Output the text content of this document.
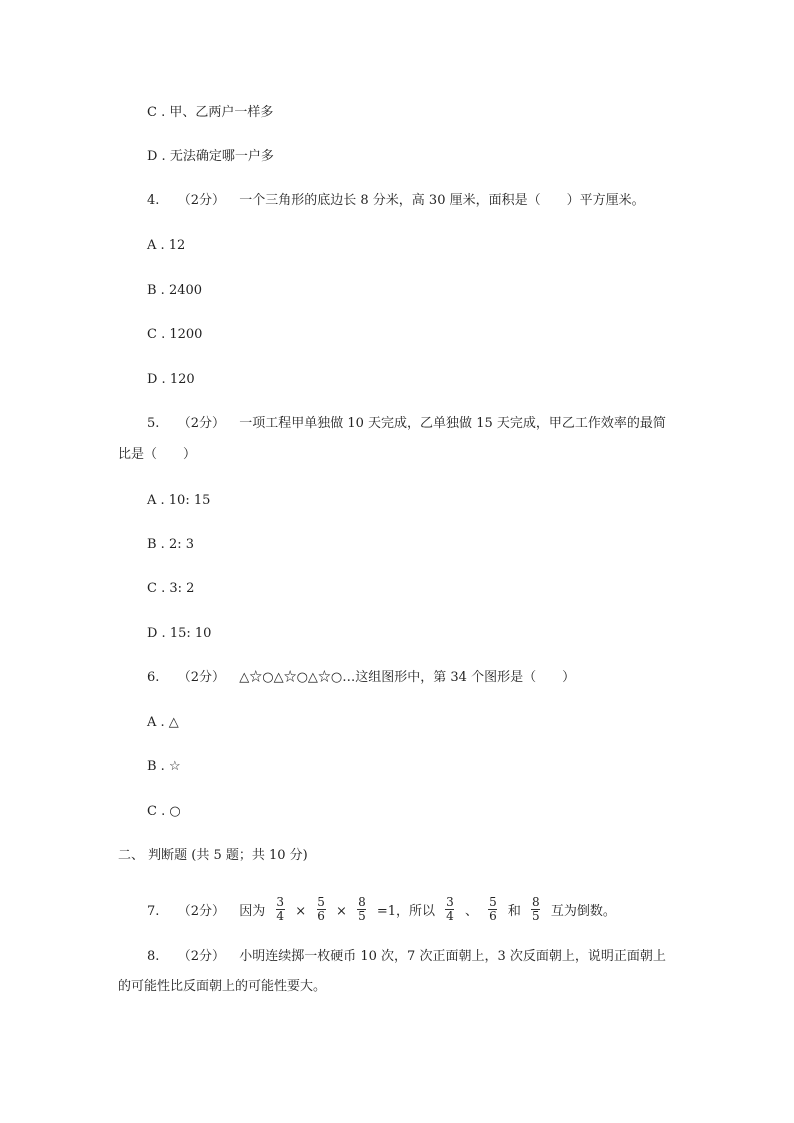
C . 甲、乙两户一样多
D . 无法确定哪一户多
4. （2分） 一个三角形的底边长 8 分米，高 30 厘米，面积是（　　）平方厘米。
A . 12
B . 2400
C . 1200
D . 120
5. （2分） 一项工程甲单独做 10 天完成，乙单独做 15 天完成，甲乙工作效率的最简
比是（　　）
A . 10: 15
B . 2: 3
C . 3: 2
D . 15: 10
6. （2分） △☆○△☆○△☆○…这组图形中，第 34 个图形是（　　）
A . △
B . ☆
C . ○
二、 判断题 (共 5 题；共 10 分)
7. （2分） 因为 $\frac{3}{4} \times \frac{5}{6} \times \frac{8}{5} =1$，所以 $\frac{3}{4}$ 、 $\frac{5}{6}$ 和 $\frac{8}{5}$ 互为倒数。
8. （2分） 小明连续掷一枚硬币 10 次，7 次正面朝上，3 次反面朝上，说明正面朝上
的可能性比反面朝上的可能性要大。
